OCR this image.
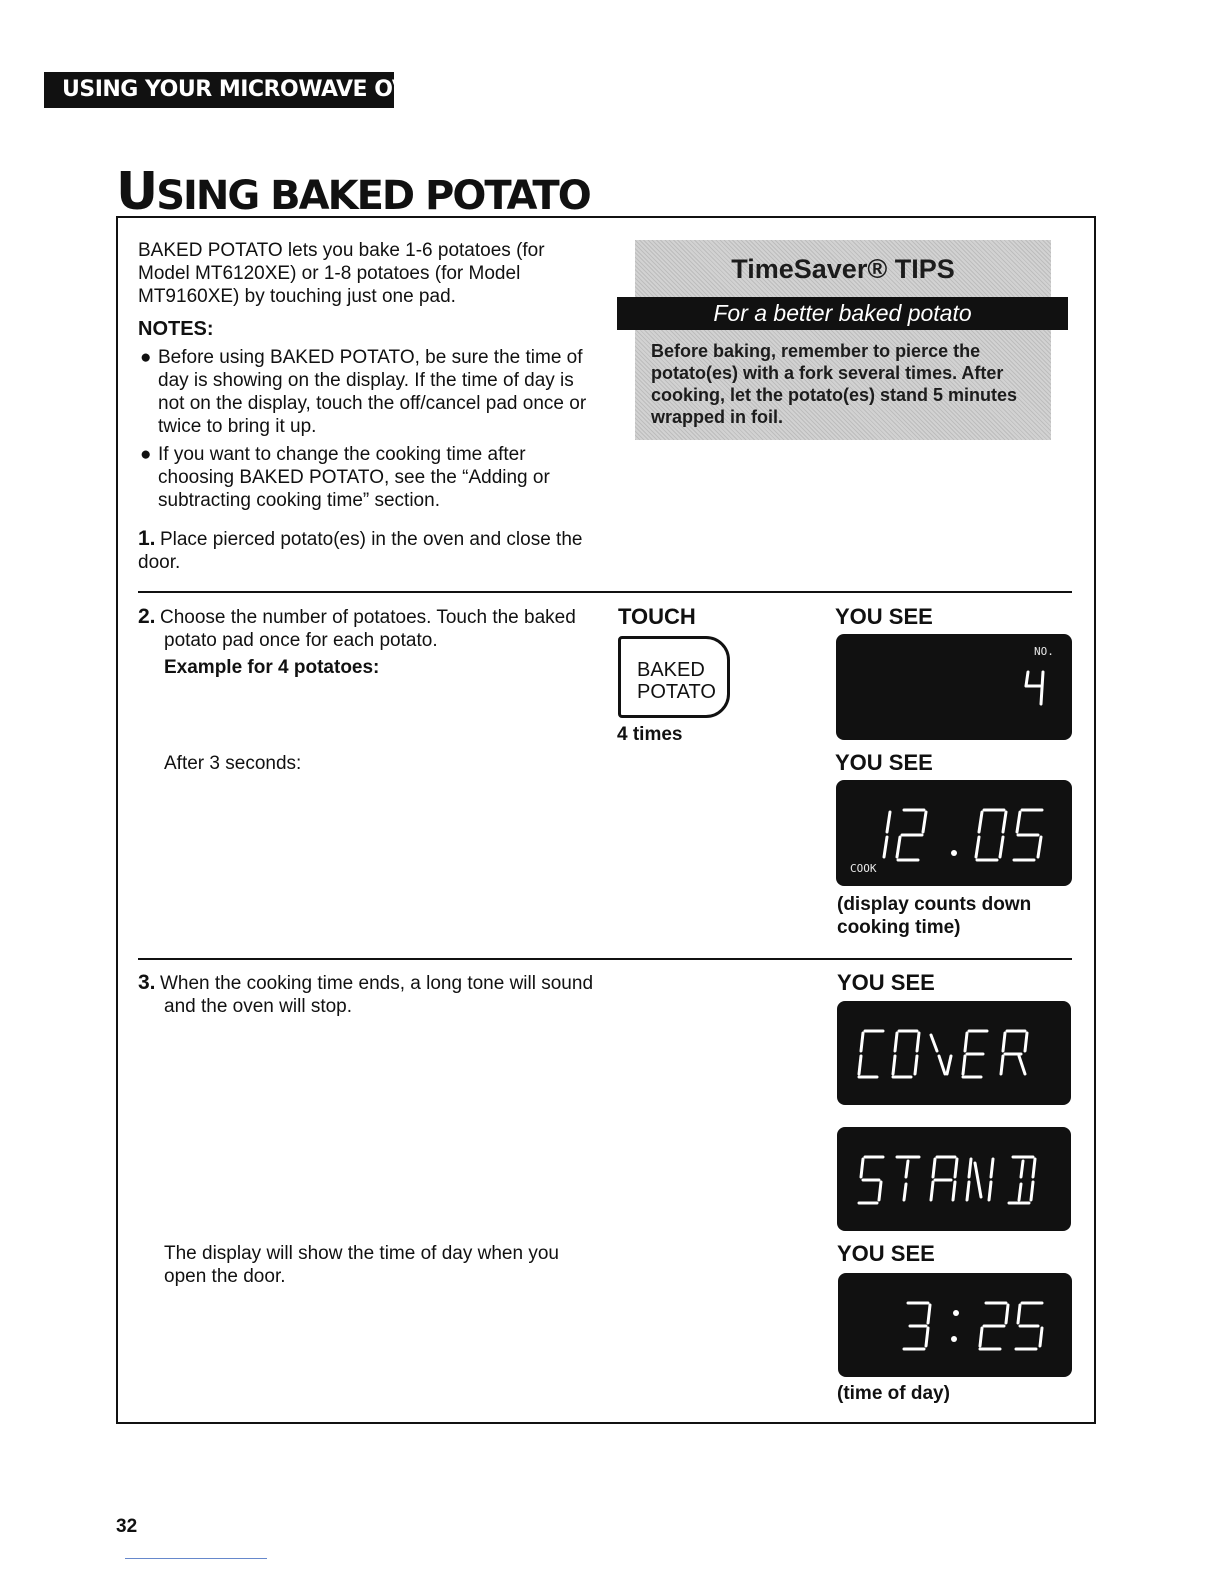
USING YOUR MICROWAVE OVEN
USING BAKED POTATO
BAKED POTATO lets you bake 1-6 potatoes (for Model MT6120XE) or 1-8 potatoes (for Model MT9160XE) by touching just one pad.
NOTES:
● Before using BAKED POTATO, be sure the time of day is showing on the display. If the time of day is not on the display, touch the off/cancel pad once or twice to bring it up.
● If you want to change the cooking time after choosing BAKED POTATO, see the “Adding or subtracting cooking time” section.
TimeSaver® TIPS
Before baking, remember to pierce the potato(es) with a fork several times. After cooking, let the potato(es) stand 5 minutes wrapped in foil.
For a better baked potato
1. Place pierced potato(es) in the oven and close the door.
2. Choose the number of potatoes. Touch the baked potato pad once for each potato.
Example for 4 potatoes:
After 3 seconds:
TOUCH
BAKED
POTATO
4 times
YOU SEE
NO.
YOU SEE
COOK
(display counts down cooking time)
3. When the cooking time ends, a long tone will sound and the oven will stop.
YOU SEE
The display will show the time of day when you open the door.
YOU SEE
(time of day)
32
